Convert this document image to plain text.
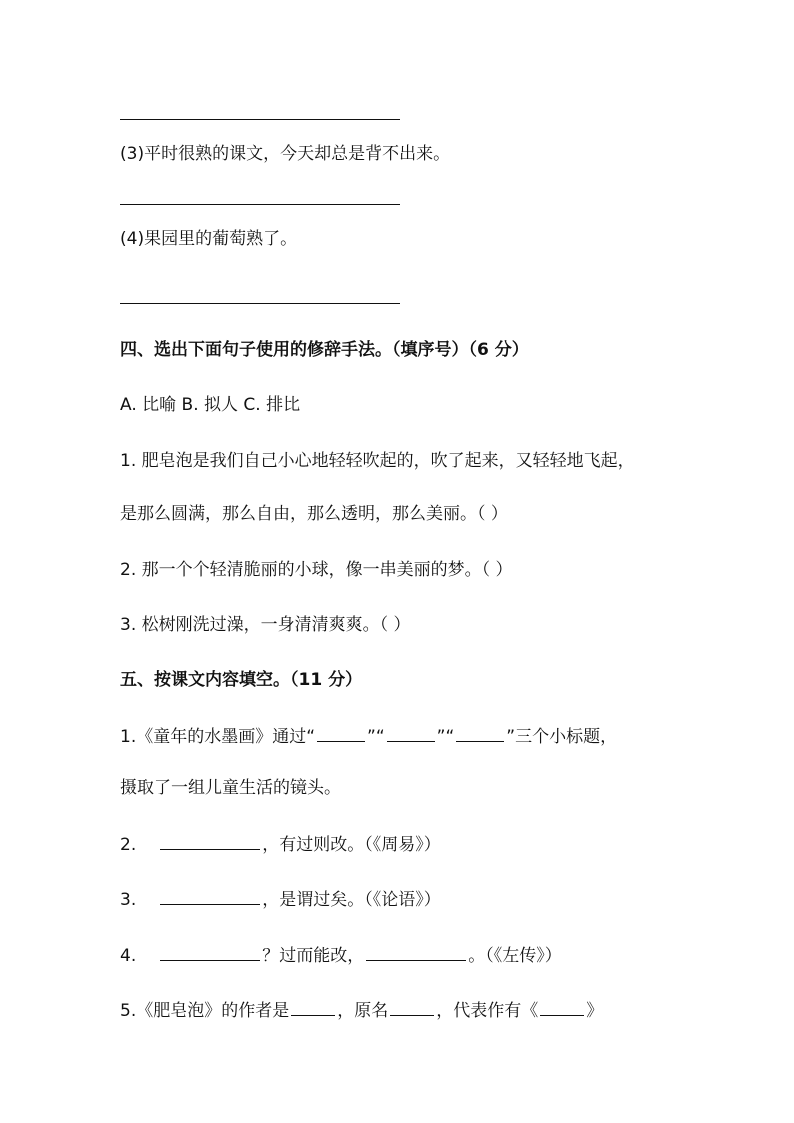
(3)平时很熟的课文，今天却总是背不出来。
(4)果园里的葡萄熟了。
四、选出下面句子使用的修辞手法。（填序号）（6 分）
A. 比喻 B. 拟人 C. 排比
1. 肥皂泡是我们自己小心地轻轻吹起的，吹了起来，又轻轻地飞起，
是那么圆满，那么自由，那么透明，那么美丽。（ ）
2. 那一个个轻清脆丽的小球，像一串美丽的梦。（ ）
3. 松树刚洗过澡，一身清清爽爽。（ ）
五、按课文内容填空。（11 分）
1.《童年的水墨画》通过“	”“	”“	”三个小标题，
摄取了一组儿童生活的镜头。
2.	，有过则改。（《周易》）
3.	，是谓过矣。（《论语》）
4.	？过而能改，	。（《左传》）
5.《肥皂泡》的作者是	，原名	，代表作有《	》
